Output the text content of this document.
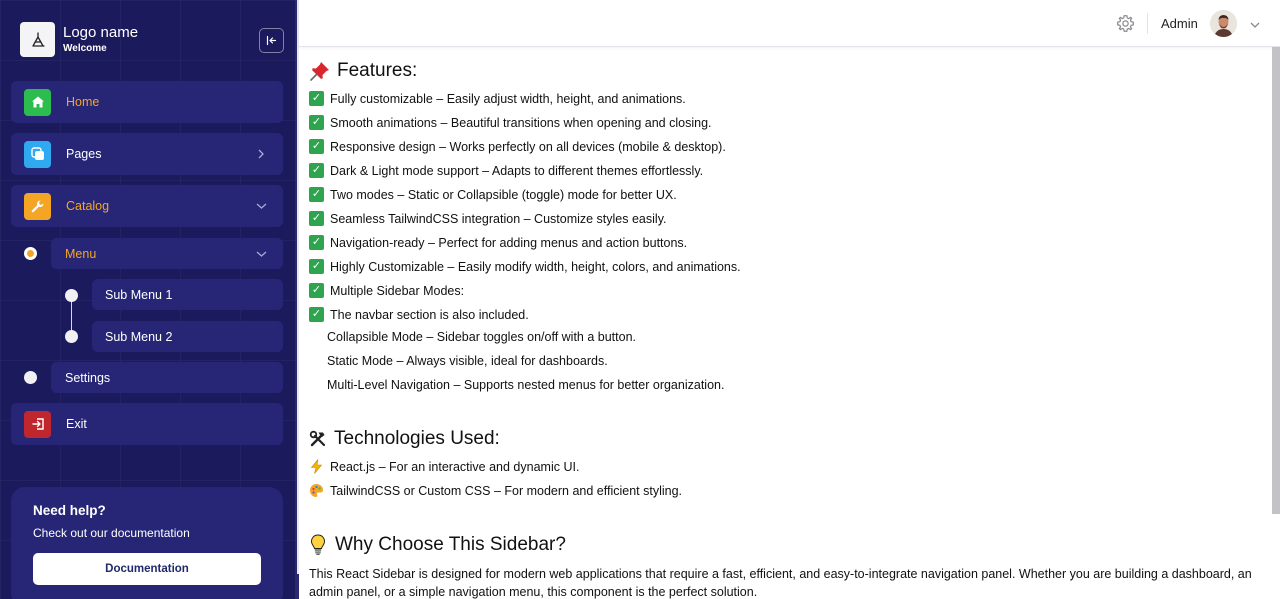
Logo name
Welcome
Home
Pages
Catalog
Menu
Sub Menu 1
Sub Menu 2
Settings
Exit
Need help?
Check out our documentation
Documentation
Admin
Features:
✓ Fully customizable – Easily adjust width, height, and animations.
✓ Smooth animations – Beautiful transitions when opening and closing.
✓ Responsive design – Works perfectly on all devices (mobile & desktop).
✓ Dark & Light mode support – Adapts to different themes effortlessly.
✓ Two modes – Static or Collapsible (toggle) mode for better UX.
✓ Seamless TailwindCSS integration – Customize styles easily.
✓ Navigation-ready – Perfect for adding menus and action buttons.
✓ Highly Customizable – Easily modify width, height, colors, and animations.
✓ Multiple Sidebar Modes:
✓ The navbar section is also included.
Collapsible Mode – Sidebar toggles on/off with a button.
Static Mode – Always visible, ideal for dashboards.
Multi-Level Navigation – Supports nested menus for better organization.
Technologies Used:
React.js – For an interactive and dynamic UI.
TailwindCSS or Custom CSS – For modern and efficient styling.
Why Choose This Sidebar?
This React Sidebar is designed for modern web applications that require a fast, efficient, and easy-to-integrate navigation panel. Whether you are building a dashboard, an admin panel, or a simple navigation menu, this component is the perfect solution.
